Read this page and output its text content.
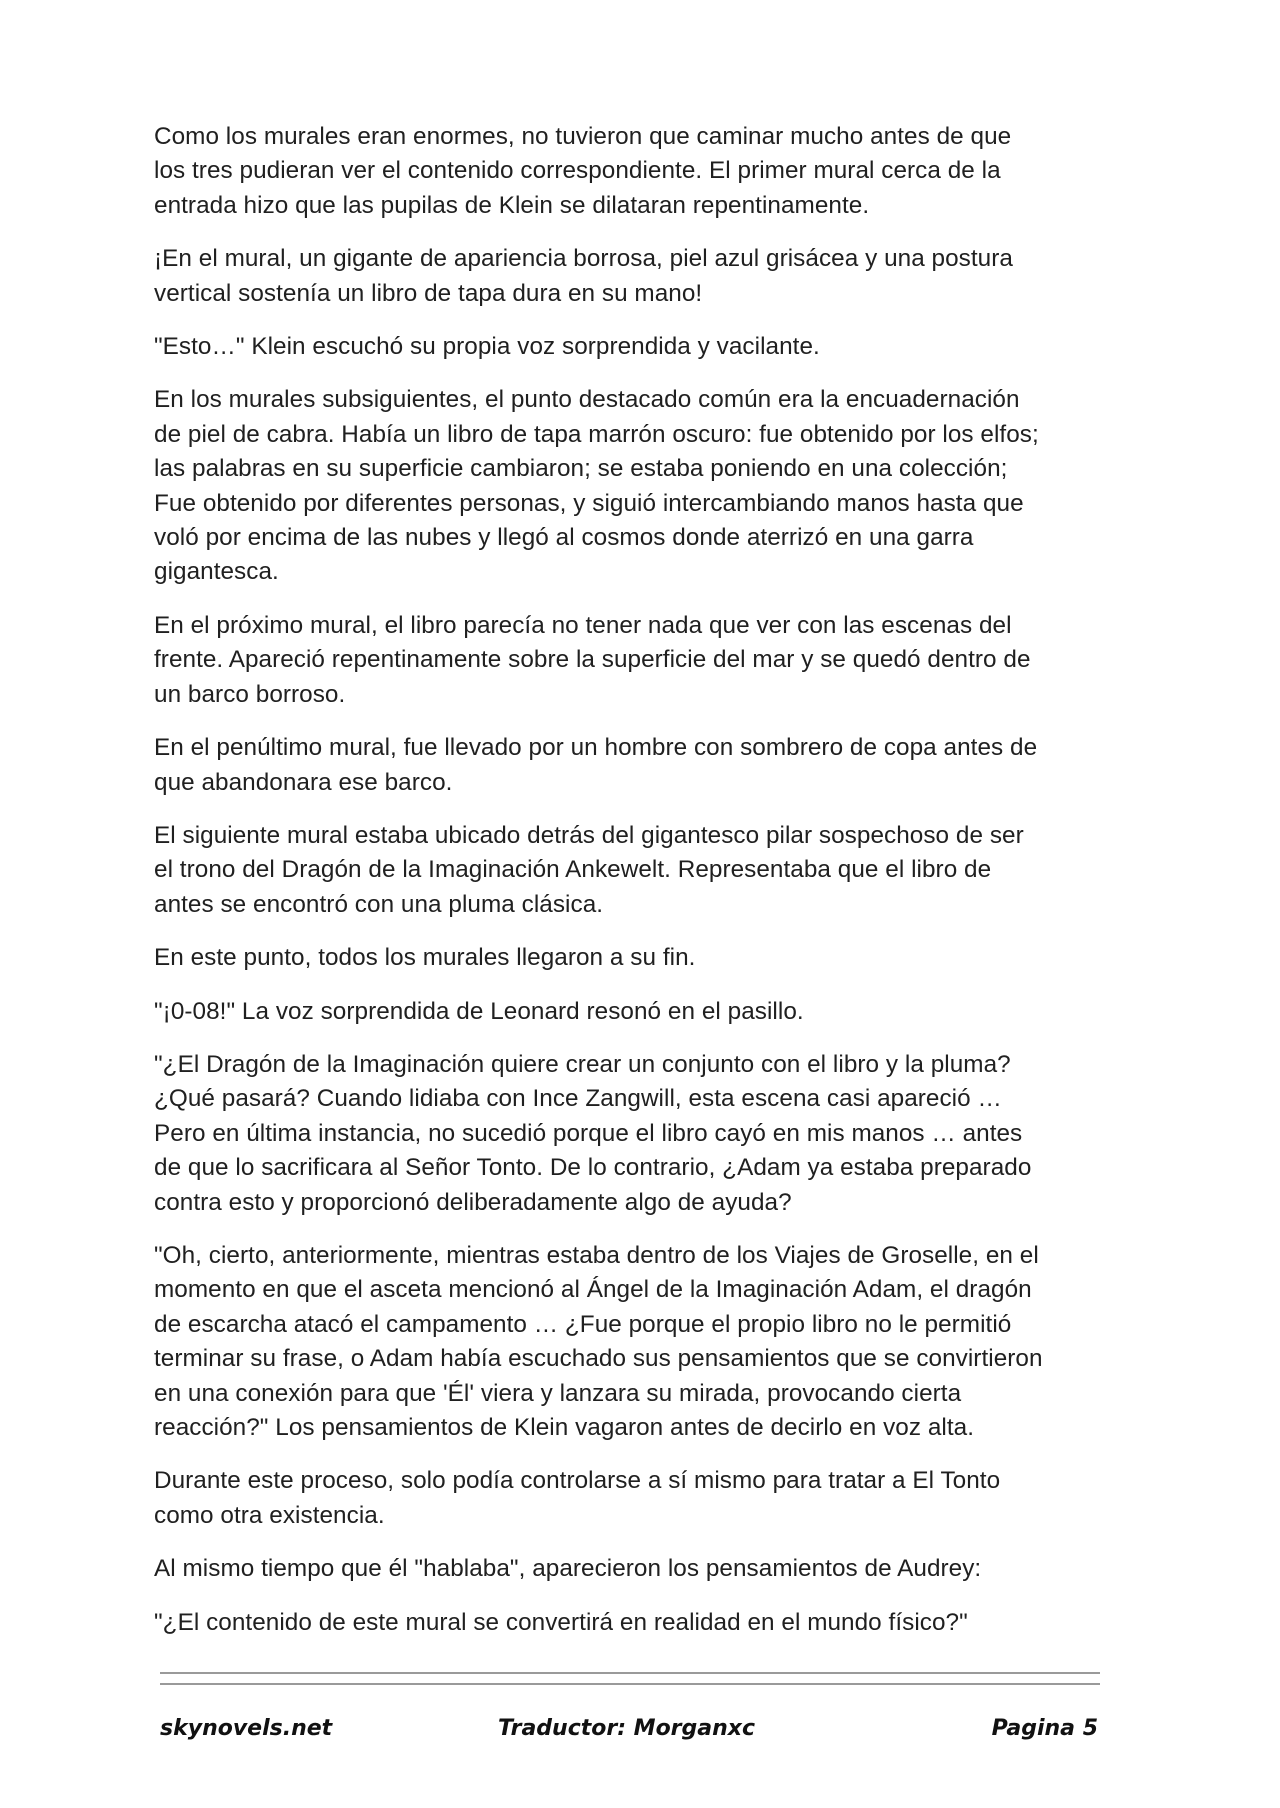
Como los murales eran enormes, no tuvieron que caminar mucho antes de que
los tres pudieran ver el contenido correspondiente. El primer mural cerca de la
entrada hizo que las pupilas de Klein se dilataran repentinamente.

¡En el mural, un gigante de apariencia borrosa, piel azul grisácea y una postura
vertical sostenía un libro de tapa dura en su mano!

"Esto…" Klein escuchó su propia voz sorprendida y vacilante.

En los murales subsiguientes, el punto destacado común era la encuadernación
de piel de cabra. Había un libro de tapa marrón oscuro: fue obtenido por los elfos;
las palabras en su superficie cambiaron; se estaba poniendo en una colección;
Fue obtenido por diferentes personas, y siguió intercambiando manos hasta que
voló por encima de las nubes y llegó al cosmos donde aterrizó en una garra
gigantesca.

En el próximo mural, el libro parecía no tener nada que ver con las escenas del
frente. Apareció repentinamente sobre la superficie del mar y se quedó dentro de
un barco borroso.

En el penúltimo mural, fue llevado por un hombre con sombrero de copa antes de
que abandonara ese barco.

El siguiente mural estaba ubicado detrás del gigantesco pilar sospechoso de ser
el trono del Dragón de la Imaginación Ankewelt. Representaba que el libro de
antes se encontró con una pluma clásica.

En este punto, todos los murales llegaron a su fin.

"¡0-08!" La voz sorprendida de Leonard resonó en el pasillo.

"¿El Dragón de la Imaginación quiere crear un conjunto con el libro y la pluma?
¿Qué pasará? Cuando lidiaba con Ince Zangwill, esta escena casi apareció …
Pero en última instancia, no sucedió porque el libro cayó en mis manos … antes
de que lo sacrificara al Señor Tonto. De lo contrario, ¿Adam ya estaba preparado
contra esto y proporcionó deliberadamente algo de ayuda?

"Oh, cierto, anteriormente, mientras estaba dentro de los Viajes de Groselle, en el
momento en que el asceta mencionó al Ángel de la Imaginación Adam, el dragón
de escarcha atacó el campamento … ¿Fue porque el propio libro no le permitió
terminar su frase, o Adam había escuchado sus pensamientos que se convirtieron
en una conexión para que 'Él' viera y lanzara su mirada, provocando cierta
reacción?" Los pensamientos de Klein vagaron antes de decirlo en voz alta.

Durante este proceso, solo podía controlarse a sí mismo para tratar a El Tonto
como otra existencia.

Al mismo tiempo que él "hablaba", aparecieron los pensamientos de Audrey:

"¿El contenido de este mural se convertirá en realidad en el mundo físico?"

skynovels.net	Traductor: Morganxc	Pagina 5
